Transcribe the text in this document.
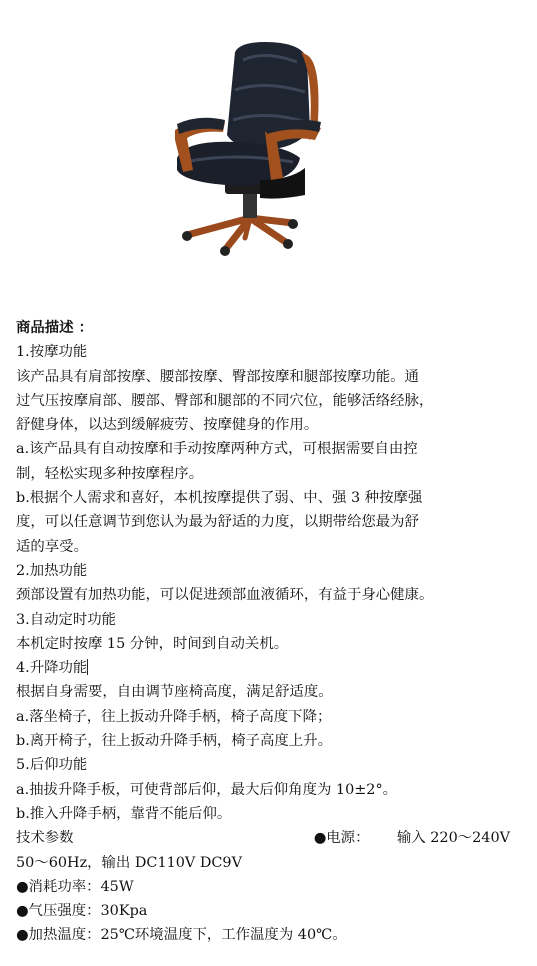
商品描述 ：
1.按摩功能
该产品具有肩部按摩、腰部按摩、臀部按摩和腿部按摩功能。通
过气压按摩肩部、腰部、臀部和腿部的不同穴位，能够活络经脉，
舒健身体，以达到缓解疲劳、按摩健身的作用。
a.该产品具有自动按摩和手动按摩两种方式，可根据需要自由控
制，轻松实现多种按摩程序。
b.根据个人需求和喜好，本机按摩提供了弱、中、强 3 种按摩强
度，可以任意调节到您认为最为舒适的力度，以期带给您最为舒
适的享受。
2.加热功能
颈部设置有加热功能，可以促进颈部血液循环，有益于身心健康。
3.自动定时功能
本机定时按摩 15 分钟，时间到自动关机。
4.升降功能
根据自身需要，自由调节座椅高度，满足舒适度。
a.落坐椅子，往上扳动升降手柄，椅子高度下降；
b.离开椅子，往上扳动升降手柄，椅子高度上升。
5.后仰功能
a.抽拔升降手板，可使背部后仰，最大后仰角度为 10±2°。
b.推入升降手柄，靠背不能后仰。
技术参数	●电源： 输入 220～240V
50～60Hz，输出 DC110V DC9V
●消耗功率：45W
●气压强度：30Kpa
●加热温度：25℃环境温度下，工作温度为 40℃。
